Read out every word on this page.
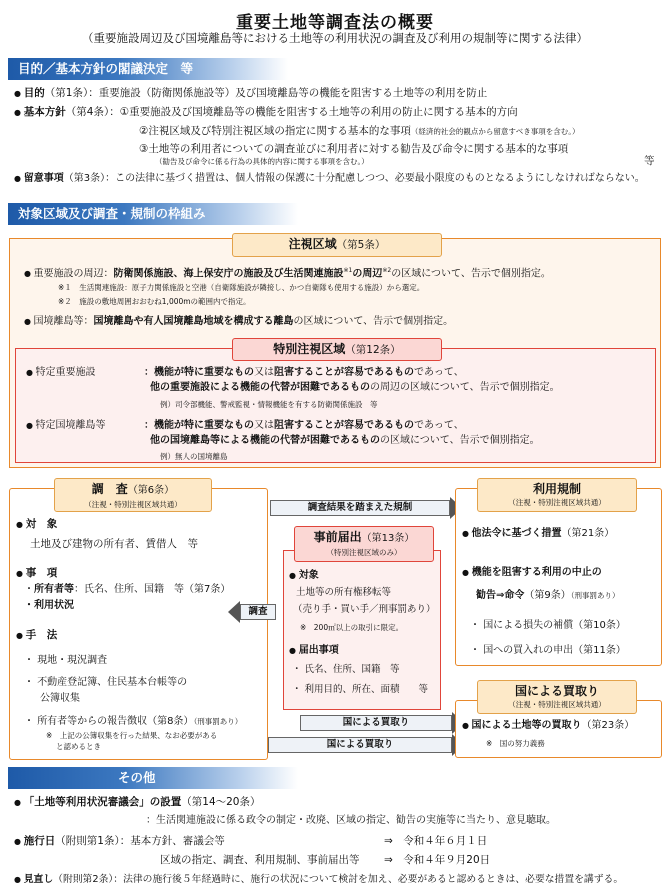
重要土地等調査法の概要
（重要施設周辺及び国境離島等における土地等の利用状況の調査及び利用の規制等に関する法律）
目的／基本方針の閣議決定　等
● 目的（第1条）：重要施設（防衛関係施設等）及び国境離島等の機能を阻害する土地等の利用を防止
● 基本方針（第4条）：①重要施設及び国境離島等の機能を阻害する土地等の利用の防止に関する基本的方向
②注視区域及び特別注視区域の指定に関する基本的な事項（経済的社会的観点から留意すべき事項を含む。）
③土地等の利用者についての調査並びに利用者に対する勧告及び命令に関する基本的な事項
（勧告及び命令に係る行為の具体的内容に関する事項を含む。）	等
● 留意事項（第3条）：この法律に基づく措置は、個人情報の保護に十分配慮しつつ、必要最小限度のものとなるようにしなければならない。
対象区域及び調査・規制の枠組み
注視区域（第5条）
● 重要施設の周辺：防衛関係施設、海上保安庁の施設及び生活関連施設$^{※1}$の周辺$^{※2}$の区域について、告示で個別指定。
※１　生活関連施設：原子力関係施設と空港（自衛隊施設が隣接し、かつ自衛隊も使用する施設）から選定。
※２　施設の敷地周囲おおむね1,000mの範囲内で指定。
● 国境離島等：国境離島や有人国境離島地域を構成する離島の区域について、告示で個別指定。
特別注視区域（第12条）
● 特定重要施設	：機能が特に重要なもの又は阻害することが容易であるものであって、
他の重要施設による機能の代替が困難であるものの周辺の区域について、告示で個別指定。
例）司令部機能、警戒監視・情報機能を有する防衛関係施設　等
● 特定国境離島等	：機能が特に重要なもの又は阻害することが容易であるものであって、
他の国境離島等による機能の代替が困難であるものの区域について、告示で個別指定。
例）無人の国境離島
調　査（第6条）
（注視・特別注視区域共通）
● 対　象
土地及び建物の所有者、賃借人　等
● 事　項
・所有者等：氏名、住所、国籍　等（第7条）
・利用状況
● 手　法
・ 現地・現況調査
・ 不動産登記簿、住民基本台帳等の
公簿収集
・ 所有者等からの報告徴収（第8条）（刑事罰あり）
※　上記の公簿収集を行った結果、なお必要がある
と認めるとき
調査結果を踏まえた規制
調査
国による買取り
国による買取り
事前届出（第13条）
（特別注視区域のみ）
● 対象
土地等の所有権移転等
（売り手・買い手／刑事罰あり）
※　200㎡以上の取引に限定。
● 届出事項
・ 氏名、住所、国籍　等
・ 利用目的、所在、面積　　等
利用規制
（注視・特別注視区域共通）
● 他法令に基づく措置（第21条）
● 機能を阻害する利用の中止の
勧告⇒命令（第9条）（刑事罰あり）
・ 国による損失の補償（第10条）
・ 国への買入れの申出（第11条）
国による買取り
（注視・特別注視区域共通）
● 国による土地等の買取り（第23条）
※　国の努力義務
その他
● 「土地等利用状況審議会」の設置（第14～20条）
：生活関連施設に係る政令の制定・改廃、区域の指定、勧告の実施等に当たり、意見聴取。
● 施行日（附則第1条）：基本方針、審議会等	⇒　令和４年６月１日
区域の指定、調査、利用規制、事前届出等 ⇒　令和４年９月20日
● 見直し（附則第2条）：法律の施行後５年経過時に、施行の状況について検討を加え、必要があると認めるときは、必要な措置を講ずる。
